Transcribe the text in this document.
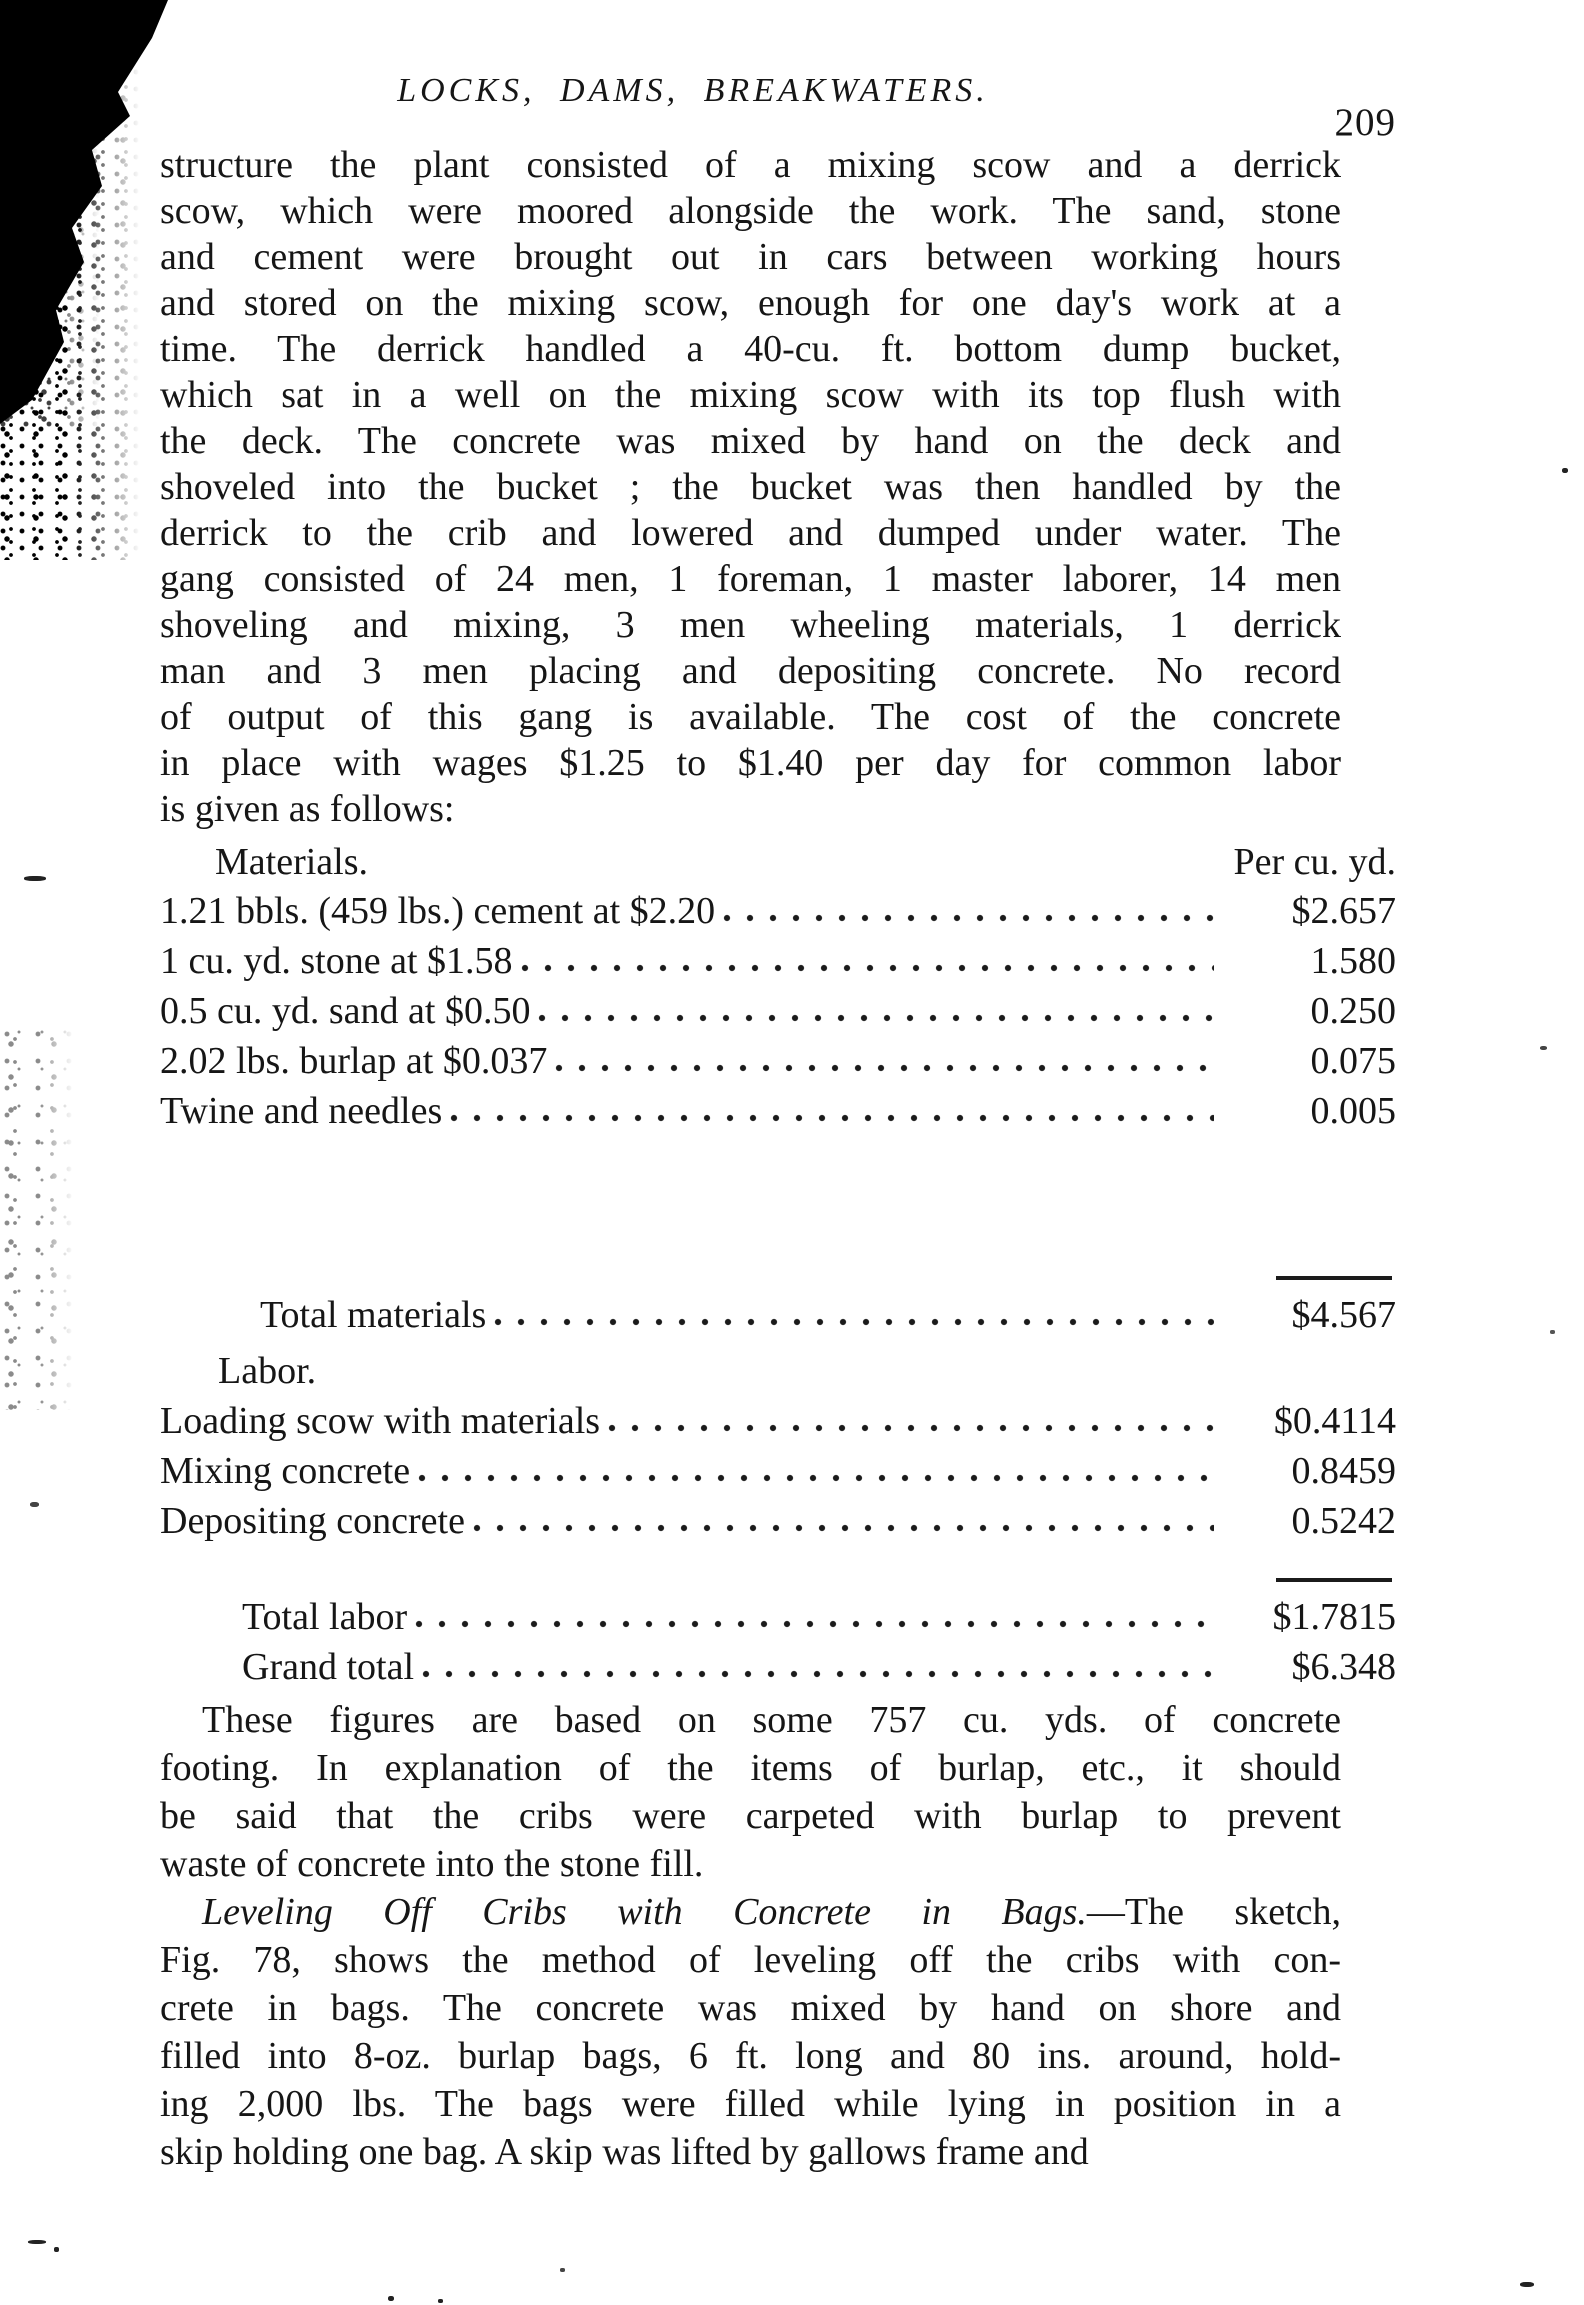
LOCKS, DAMS, BREAKWATERS.
209
structure the plant consisted of a mixing scow and a derrick
scow, which were moored alongside the work. The sand, stone
and cement were brought out in cars between working hours
and stored on the mixing scow, enough for one day's work at a
time. The derrick handled a 40-cu. ft. bottom dump bucket,
which sat in a well on the mixing scow with its top flush with
the deck. The concrete was mixed by hand on the deck and
shoveled into the bucket ; the bucket was then handled by the
derrick to the crib and lowered and dumped under water. The
gang consisted of 24 men, 1 foreman, 1 master laborer, 14 men
shoveling and mixing, 3 men wheeling materials, 1 derrick
man and 3 men placing and depositing concrete. No record
of output of this gang is available. The cost of the concrete
in place with wages $1.25 to $1.40 per day for common labor
is given as follows:
Materials.	Per cu. yd.
1.21 bbls. (459 lbs.) cement at $2.20	$2.657
1 cu. yd. stone at $1.58	1.580
0.5 cu. yd. sand at $0.50	0.250
2.02 lbs. burlap at $0.037	0.075
Twine and needles	0.005
Total materials	$4.567
Labor.
Loading scow with materials	$0.4114
Mixing concrete	0.8459
Depositing concrete	0.5242
Total labor	$1.7815
Grand total	$6.348
These figures are based on some 757 cu. yds. of concrete
footing. In explanation of the items of burlap, etc., it should
be said that the cribs were carpeted with burlap to prevent
waste of concrete into the stone fill.
Leveling Off Cribs with Concrete in Bags.—The sketch,
Fig. 78, shows the method of leveling off the cribs with con-
crete in bags. The concrete was mixed by hand on shore and
filled into 8-oz. burlap bags, 6 ft. long and 80 ins. around, hold-
ing 2,000 lbs. The bags were filled while lying in position in a
skip holding one bag. A skip was lifted by gallows frame and
